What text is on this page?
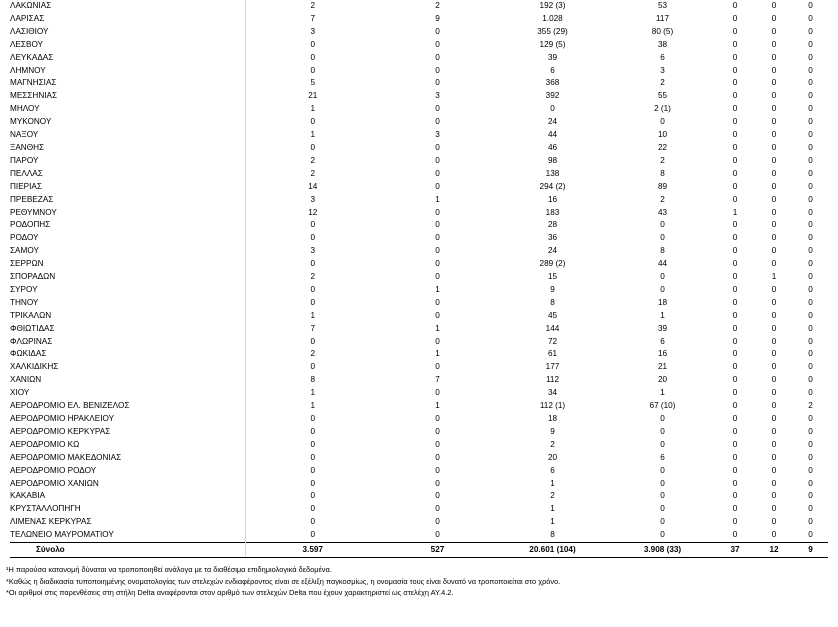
ΛΑΚΩΝΙΑΣ	2	2	192 (3)	53	0	0	0
ΛΑΡΙΣΑΣ	7	9	1.028	117	0	0	0
ΛΑΣΙΘΙΟΥ	3	0	355 (29)	80 (5)	0	0	0
ΛΕΣΒΟΥ	0	0	129 (5)	38	0	0	0
ΛΕΥΚΑΔΑΣ	0	0	39	6	0	0	0
ΛΗΜΝΟΥ	0	0	6	3	0	0	0
ΜΑΓΝΗΣΙΑΣ	5	0	368	2	0	0	0
ΜΕΣΣΗΝΙΑΣ	21	3	392	55	0	0	0
ΜΗΛΟΥ	1	0	0	2 (1)	0	0	0
ΜΥΚΟΝΟΥ	0	0	24	0	0	0	0
ΝΑΞΟΥ	1	3	44	10	0	0	0
ΞΑΝΘΗΣ	0	0	46	22	0	0	0
ΠΑΡΟΥ	2	0	98	2	0	0	0
ΠΕΛΛΑΣ	2	0	138	8	0	0	0
ΠΙΕΡΙΑΣ	14	0	294 (2)	89	0	0	0
ΠΡΕΒΕΖΑΣ	3	1	16	2	0	0	0
ΡΕΘΥΜΝΟΥ	12	0	183	43	1	0	0
ΡΟΔΟΠΗΣ	0	0	28	0	0	0	0
ΡΟΔΟΥ	0	0	36	0	0	0	0
ΣΑΜΟΥ	3	0	24	8	0	0	0
ΣΕΡΡΩΝ	0	0	289 (2)	44	0	0	0
ΣΠΟΡΑΔΩΝ	2	0	15	0	0	1	0
ΣΥΡΟΥ	0	1	9	0	0	0	0
ΤΗΝΟΥ	0	0	8	18	0	0	0
ΤΡΙΚΑΛΩΝ	1	0	45	1	0	0	0
ΦΘΙΩΤΙΔΑΣ	7	1	144	39	0	0	0
ΦΛΩΡΙΝΑΣ	0	0	72	6	0	0	0
ΦΩΚΙΔΑΣ	2	1	61	16	0	0	0
ΧΑΛΚΙΔΙΚΗΣ	0	0	177	21	0	0	0
ΧΑΝΙΩΝ	8	7	112	20	0	0	0
ΧΙΟΥ	1	0	34	1	0	0	0
ΑΕΡΟΔΡΟΜΙΟ ΕΛ. ΒΕΝΙΖΕΛΟΣ	1	1	112 (1)	67 (10)	0	0	2
ΑΕΡΟΔΡΟΜΙΟ ΗΡΑΚΛΕΙΟΥ	0	0	18	0	0	0	0
ΑΕΡΟΔΡΟΜΙΟ ΚΕΡΚΥΡΑΣ	0	0	9	0	0	0	0
ΑΕΡΟΔΡΟΜΙΟ ΚΩ	0	0	2	0	0	0	0
ΑΕΡΟΔΡΟΜΙΟ ΜΑΚΕΔΟΝΙΑΣ	0	0	20	6	0	0	0
ΑΕΡΟΔΡΟΜΙΟ ΡΟΔΟΥ	0	0	6	0	0	0	0
ΑΕΡΟΔΡΟΜΙΟ ΧΑΝΙΩΝ	0	0	1	0	0	0	0
ΚΑΚΑΒΙΑ	0	0	2	0	0	0	0
ΚΡΥΣΤΑΛΛΟΠΗΓΗ	0	0	1	0	0	0	0
ΛΙΜΕΝΑΣ ΚΕΡΚΥΡΑΣ	0	0	1	0	0	0	0
ΤΕΛΩΝΕΙΟ ΜΑΥΡΟΜΑΤΙΟΥ	0	0	8	0	0	0	0
Σύνολο	3.597	527	20.601 (104)	3.908 (33)	37	12	9
¹Η παρούσα κατανομή δύναται να τροποποιηθεί ανάλογα με τα διαθέσιμα επιδημιολογικά δεδομένα.
*Καθώς η διαδικασία τυποποιημένης ονοματολογίας των στελεχών ενδιαφέροντος είναι σε εξέλιξη παγκοσμίως, η ονομασία τους είναι δυνατό να τροποποιείται στο χρόνο.
*Οι αριθμοί στις παρενθέσεις στη στήλη Delta αναφέρονται στον αριθμό των στελεχών Delta που έχουν χαρακτηριστεί ως στελέχη ΑΥ.4.2.
